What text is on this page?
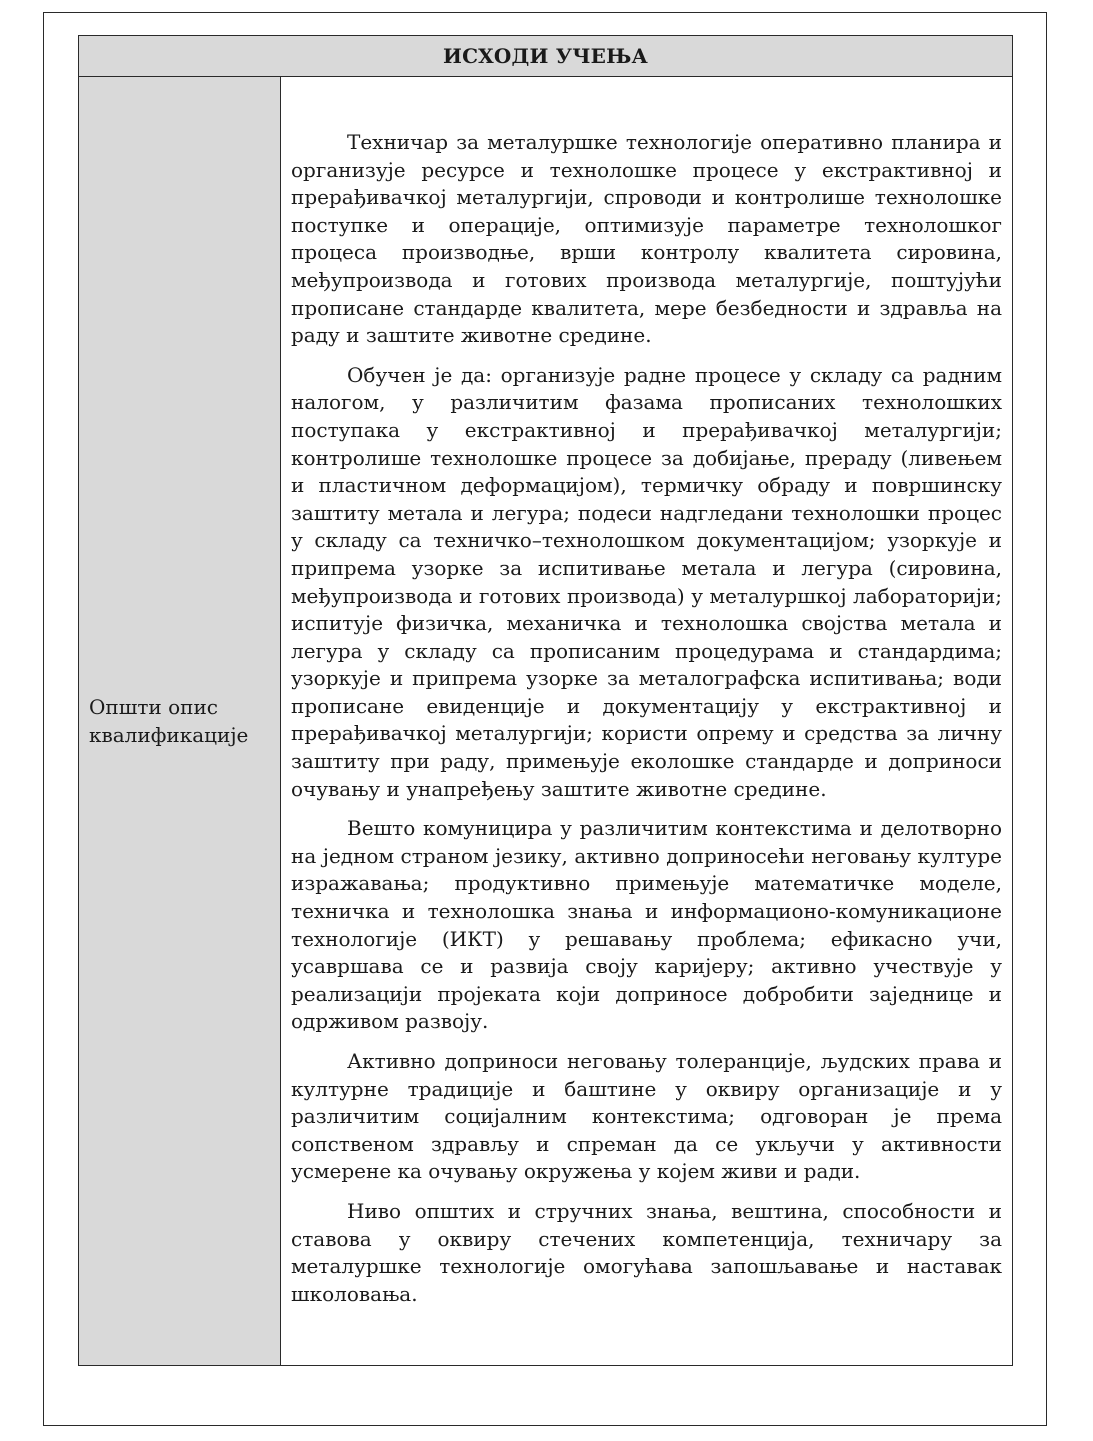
ИСХОДИ УЧЕЊА
Општи опис квалификације

Техничар за металуршке технологије оперативно планира и организује ресурсе и технолошке процесе у екстрактивној и прерађивачкој металургији, спроводи и контролише технолошке поступке и операције, оптимизује параметре технолошког процеса производње, врши контролу квалитета сировина, међупроизвода и готових производа металургије, поштујући прописане стандарде квалитета, мере безбедности и здравља на раду и заштите животне средине.

Обучен је да: организује радне процесе у складу са радним налогом, у различитим фазама прописаних технолошких поступака у екстрактивној и прерађивачкој металургији; контролише технолошке процесе за добијање, прераду (ливењем и пластичном деформацијом), термичку обраду и површинску заштиту метала и легура; подеси надгледани технолошки процес у складу са техничко–технолошком документацијом; узоркује и припрема узорке за испитивање метала и легура (сировина, међупроизвода и готових производа) у металуршкој лабораторији; испитује физичка, механичка и технолошка својства метала и легура у складу са прописаним процедурама и стандардима; узоркује и припрема узорке за металографска испитивања; води прописане евиденције и документацију у екстрактивној и прерађивачкој металургији; користи опрему и средства за личну заштиту при раду, примењује еколошке стандарде и доприноси очувању и унапређењу заштите животне средине.

Вешто комуницира у различитим контекстима и делотворно на једном страном језику, активно доприносећи неговању културе изражавања; продуктивно примењује математичке моделе, техничка и технолошка знања и информационо-комуникационе технологије (ИКТ) у решавању проблема; ефикасно учи, усавршава се и развија своју каријеру; активно учествује у реализацији пројеката који доприносе добробити заједнице и одрживом развоју.

Активно доприноси неговању толеранције, људских права и културне традиције и баштине у оквиру организације и у различитим социјалним контекстима; одговоран је према сопственом здрављу и спреман да се укључи у активности усмерене ка очувању окружења у којем живи и ради.

Ниво општих и стручних знања, вештина, способности и ставова у оквиру стечених компетенција, техничару за металуршке технологије омогућава запошљавање и наставак школовања.
